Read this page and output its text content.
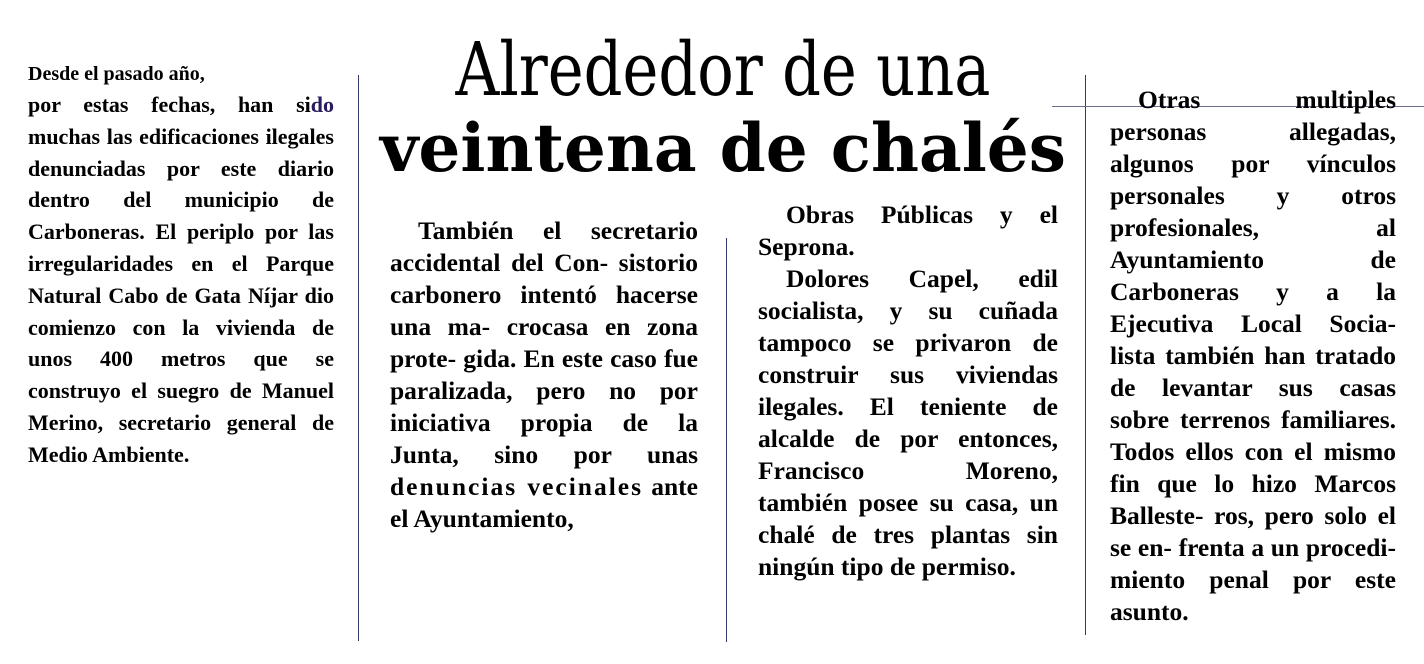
Alrededor de una
veintena de chalés

Desde el pasado año,

por estas fechas, han sido muchas las edificaciones ilegales denunciadas por este diario dentro del municipio de Carboneras. El periplo por las irregularidades en el Parque Natural Cabo de Gata Níjar dio comienzo con la vivienda de unos 400 metros que se construyo el suegro de Manuel Merino, secretario general de Medio Ambiente.

También el secretario accidental del Con- sistorio carbonero intentó hacerse una ma- crocasa en zona prote- gida. En este caso fue paralizada, pero no por iniciativa propia de la Junta, sino por unas denuncias vecinales ante el Ayuntamiento,

Obras Públicas y el Seprona.

Dolores Capel, edil socialista, y su cuñada tampoco se privaron de construir sus viviendas ilegales. El teniente de alcalde de por entonces, Francisco Moreno, también posee su casa, un chalé de tres plantas sin ningún tipo de permiso.

Otras multiples personas allegadas, algunos por vínculos personales y otros profesionales, al Ayuntamiento de Carboneras y a la Ejecutiva Local Socia- lista también han tratado de levantar sus casas sobre terrenos familiares. Todos ellos con el mismo fin que lo hizo Marcos Balleste- ros, pero solo el se en- frenta a un procedi- miento penal por este asunto.
